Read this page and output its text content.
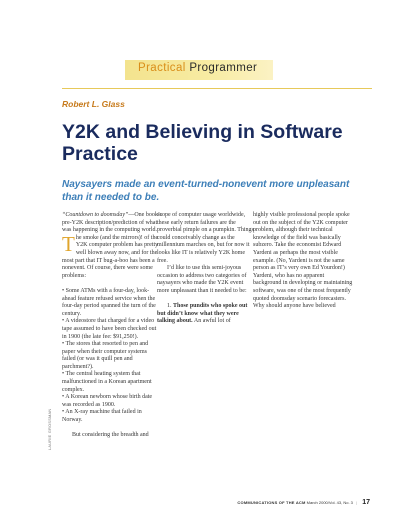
Practical Programmer
Robert L. Glass
Y2K and Believing in Software Practice
Naysayers made an event-turned-nonevent more unpleasant than it needed to be.

“Countdown to doomsday”—One book’s pre-Y2K description/prediction of what was happening in the computing world.

The smoke (and the mirrors)! of the Y2K computer problem has pretty well blown away now, and for the most part that IT bug-a-boo has been a nonevent. Of course, there were some problems:

• Some ATMs with a four-day, look-ahead feature refused service when the four-day period spanned the turn of the century.

• A videostore that charged for a video tape assumed to have been checked out in 1900 (the late fee: $91,250!).

• The stores that resorted to pen and paper when their computer systems failed (or was it quill pen and parchment?).

• The central heating system that malfunctioned in a Korean apartment complex.

• A Korean newborn whose birth date was recorded as 1900.

• An X-ray machine that failed in Norway.

But considering the breadth and

scope of computer usage worldwide, these early return failures are the proverbial pimple on a pumpkin. Things could conceivably change as the millennium marches on, but for now it looks like IT is relatively Y2K home free.

I’d like to use this semi-joyous occasion to address two categories of naysayers who made the Y2K event more unpleasant than it needed to be:

1. Those pundits who spoke out but didn’t know what they were talking about. An awful lot of

highly visible professional people spoke out on the subject of the Y2K computer problem, although their technical knowledge of the field was basically subzero. Take the economist Edward Yardeni as perhaps the most visible example. (No, Yardeni is not the same person as IT’s very own Ed Yourdon!) Yardeni, who has no apparent background in developing or maintaining software, was one of the most frequently quoted doomsday scenario forecasters. Why should anyone have believed

LAURIE GROSSMAN
COMMUNICATIONS OF THE ACM March 2000/Vol. 43, No. 3 | 17
